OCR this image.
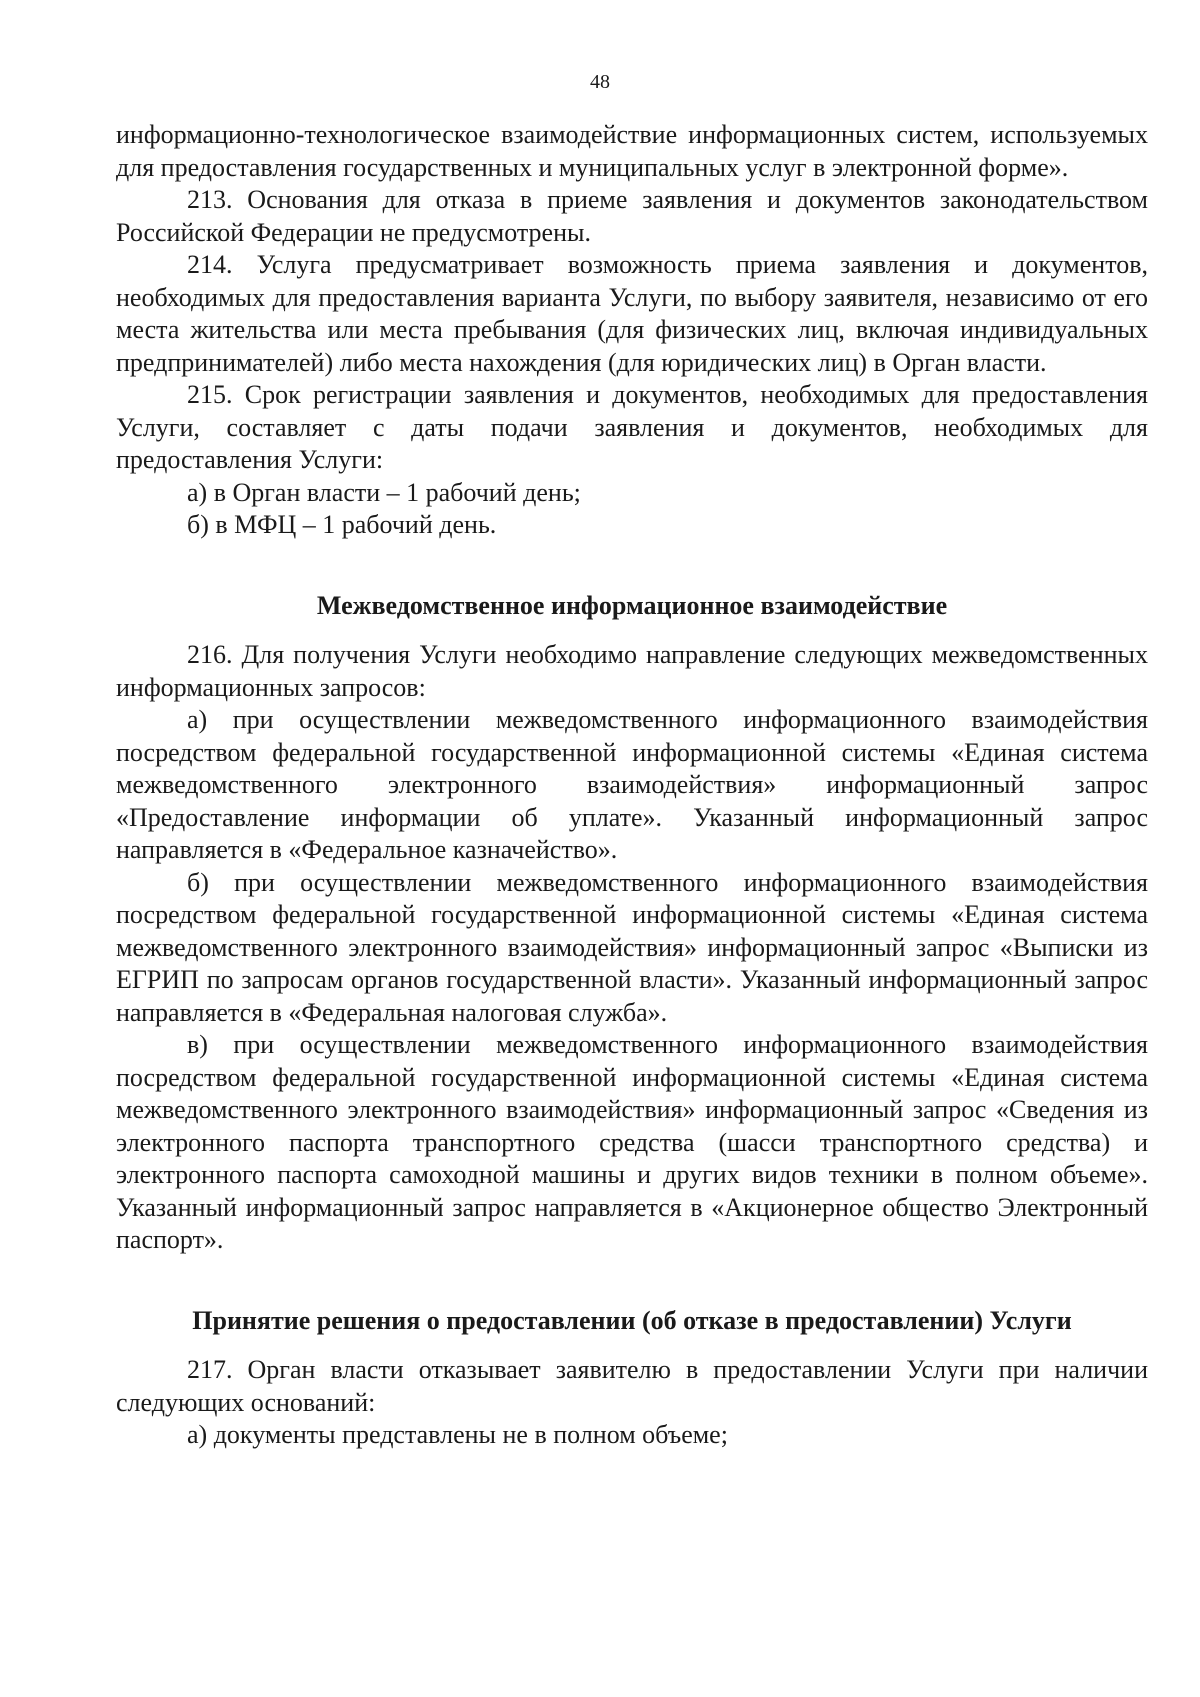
48

информационно-технологическое взаимодействие информационных систем, используемых для предоставления государственных и муниципальных услуг в электронной форме».

213. Основания для отказа в приеме заявления и документов законодательством Российской Федерации не предусмотрены.

214. Услуга предусматривает возможность приема заявления и документов, необходимых для предоставления варианта Услуги, по выбору заявителя, независимо от его места жительства или места пребывания (для физических лиц, включая индивидуальных предпринимателей) либо места нахождения (для юридических лиц) в Орган власти.

215. Срок регистрации заявления и документов, необходимых для предоставления Услуги, составляет с даты подачи заявления и документов, необходимых для предоставления Услуги:

а) в Орган власти – 1 рабочий день;

б) в МФЦ – 1 рабочий день.

Межведомственное информационное взаимодействие

216. Для получения Услуги необходимо направление следующих межведомственных информационных запросов:

а) при осуществлении межведомственного информационного взаимодействия посредством федеральной государственной информационной системы «Единая система межведомственного электронного взаимодействия» информационный запрос «Предоставление информации об уплате». Указанный информационный запрос направляется в «Федеральное казначейство».

б) при осуществлении межведомственного информационного взаимодействия посредством федеральной государственной информационной системы «Единая система межведомственного электронного взаимодействия» информационный запрос «Выписки из ЕГРИП по запросам органов государственной власти». Указанный информационный запрос направляется в «Федеральная налоговая служба».

в) при осуществлении межведомственного информационного взаимодействия посредством федеральной государственной информационной системы «Единая система межведомственного электронного взаимодействия» информационный запрос «Сведения из электронного паспорта транспортного средства (шасси транспортного средства) и электронного паспорта самоходной машины и других видов техники в полном объеме». Указанный информационный запрос направляется в «Акционерное общество Электронный паспорт».

Принятие решения о предоставлении (об отказе в предоставлении) Услуги

217. Орган власти отказывает заявителю в предоставлении Услуги при наличии следующих оснований:

а) документы представлены не в полном объеме;
